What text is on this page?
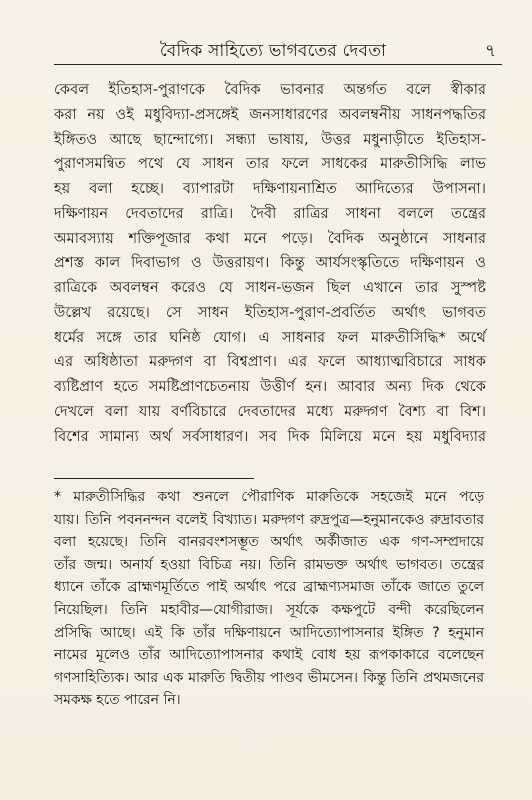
বৈদিক সাহিত্যে ভাগবতের দেবতা	৭
কেবল ইতিহাস-পুরাণকে বৈদিক ভাবনার অন্তর্গত বলে স্বীকার
করা নয় ওই মধুবিদ্যা-প্রসঙ্গেই জনসাধারণের অবলম্বনীয় সাধনপদ্ধতির
ইঙ্গিতও আছে ছান্দোগ্যে। সন্ধ্যা ভাষায়, উত্তর মধুনাড়ীতে ইতিহাস-
পুরাণসমন্বিত পথে যে সাধন তার ফলে সাধকের মারুতীসিদ্ধি লাভ
হয় বলা হচ্ছে। ব্যাপারটা দক্ষিণায়নাশ্রিত আদিত্যের উপাসনা।
দক্ষিণায়ন দেবতাদের রাত্রি। দৈবী রাত্রির সাধনা বললে তন্ত্রের
অমাবস্যায় শক্তিপূজার কথা মনে পড়ে। বৈদিক অনুষ্ঠানে সাধনার
প্রশস্ত কাল দিবাভাগ ও উত্তরায়ণ। কিন্তু আর্যসংস্কৃতিতে দক্ষিণায়ন ও
রাত্রিকে অবলম্বন করেও যে সাধন-ভজন ছিল এখানে তার সুস্পষ্ট
উল্লেখ রয়েছে। সে সাধন ইতিহাস-পুরাণ-প্রবর্তিত অর্থাৎ ভাগবত
ধর্মের সঙ্গে তার ঘনিষ্ঠ যোগ। এ সাধনার ফল মারুতীসিদ্ধি* অর্থে
এর অধিষ্ঠাতা মরুদ্গণ বা বিশ্বপ্রাণ। এর ফলে আধ্যাত্মবিচারে সাধক
ব্যষ্টিপ্রাণ হতে সমষ্টিপ্রাণচেতনায় উত্তীর্ণ হন। আবার অন্য দিক থেকে
দেখলে বলা যায় বর্ণবিচারে দেবতাদের মধ্যে মরুদ্গণ বৈশ্য বা বিশ।
বিশের সামান্য অর্থ সর্বসাধারণ। সব দিক মিলিয়ে মনে হয় মধুবিদ্যার
* মারুতীসিদ্ধির কথা শুনলে পৌরাণিক মারুতিকে সহজেই মনে পড়ে
যায়। তিনি পবননন্দন বলেই বিখ্যাত। মরুদ্গণ রুদ্রপুত্র—হনুমানকেও রুদ্রাবতার
বলা হয়েছে। তিনি বানরবংশসম্ভূত অর্থাৎ অর্কীজাত এক গণ-সম্প্রদায়ে
তাঁর জন্ম। অনার্য হওয়া বিচিত্র নয়। তিনি রামভক্ত অর্থাৎ ভাগবত। তন্ত্রের
ধ্যানে তাঁকে ব্রাহ্মণমূর্তিতে পাই অর্থাৎ পরে ব্রাহ্মণ্যসমাজ তাঁকে জাতে তুলে
নিয়েছিল। তিনি মহাবীর—যোগীরাজ। সূর্যকে কক্ষপুটে বন্দী করেছিলেন
প্রসিদ্ধি আছে। এই কি তাঁর দক্ষিণায়নে আদিত্যোপাসনার ইঙ্গিত ? হনুমান
নামের মূলেও তাঁর আদিত্যোপাসনার কথাই বোধ হয় রূপকাকারে বলেছেন
গণসাহিত্যিক। আর এক মারুতি দ্বিতীয় পাণ্ডব ভীমসেন। কিন্তু তিনি প্রথমজনের
সমকক্ষ হতে পারেন নি।
